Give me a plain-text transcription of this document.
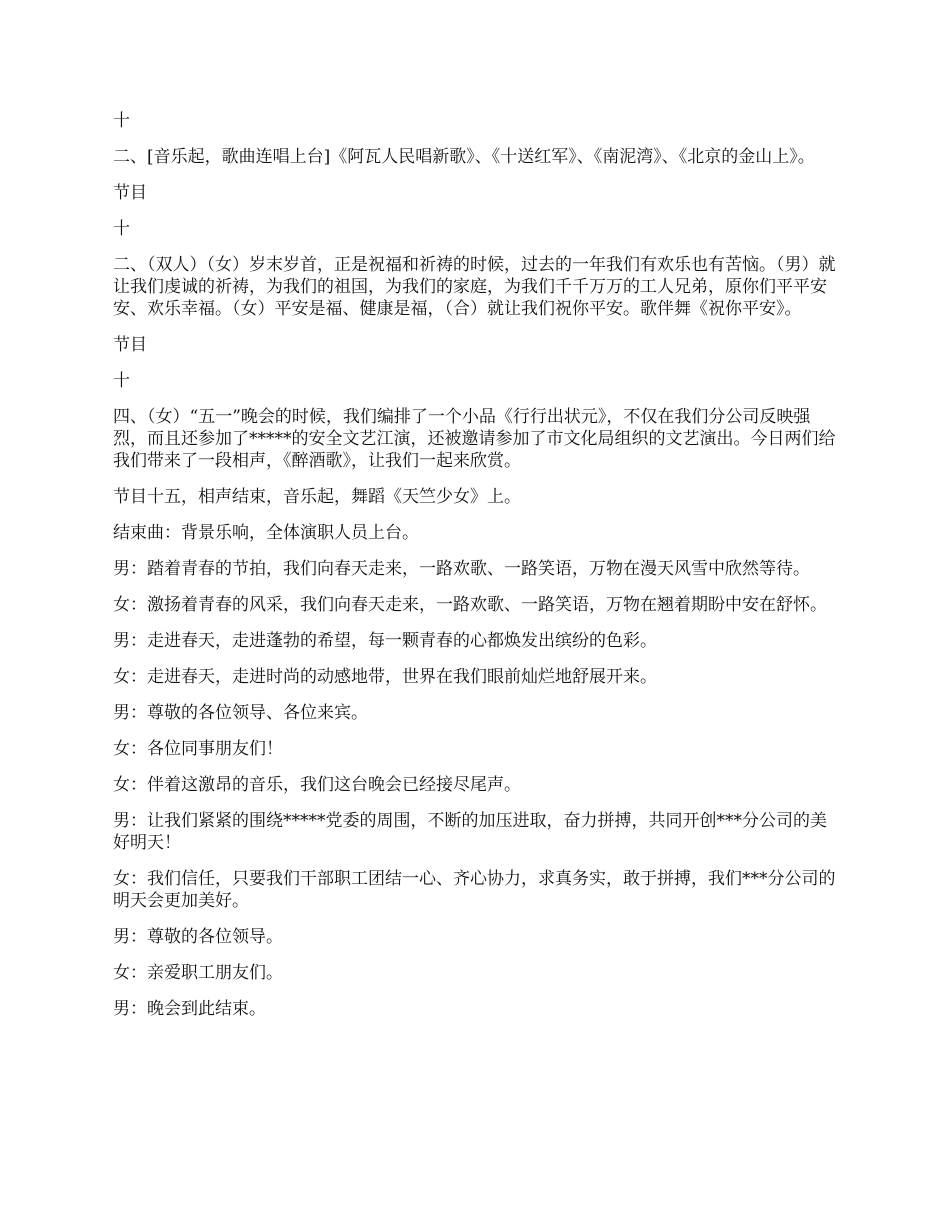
十

二、[音乐起，歌曲连唱上台]《阿瓦人民唱新歌》、《十送红军》、《南泥湾》、《北京的金山上》。

节目

十

二、（双人）（女）岁末岁首，正是祝福和祈祷的时候，过去的一年我们有欢乐也有苦恼。（男）就让我们虔诚的祈祷，为我们的祖国，为我们的家庭，为我们千千万万的工人兄弟，原你们平平安安、欢乐幸福。（女）平安是福、健康是福，（合）就让我们祝你平安。歌伴舞《祝你平安》。

节目

十

四、（女）“五一”晚会的时候，我们编排了一个小品《行行出状元》，不仅在我们分公司反映强烈，而且还参加了*****的安全文艺江演，还被邀请参加了市文化局组织的文艺演出。今日两们给我们带来了一段相声，《醉酒歌》，让我们一起来欣赏。

节目十五，相声结束，音乐起，舞蹈《天竺少女》上。

结束曲：背景乐响，全体演职人员上台。

男：踏着青春的节拍，我们向春天走来，一路欢歌、一路笑语，万物在漫天风雪中欣然等待。

女：激扬着青春的风采，我们向春天走来，一路欢歌、一路笑语，万物在翘着期盼中安在舒怀。

男：走进春天，走进蓬勃的希望，每一颗青春的心都焕发出缤纷的色彩。

女：走进春天，走进时尚的动感地带，世界在我们眼前灿烂地舒展开来。

男：尊敬的各位领导、各位来宾。

女：各位同事朋友们！

女：伴着这激昂的音乐，我们这台晚会已经接尽尾声。

男：让我们紧紧的围绕*****党委的周围，不断的加压进取，奋力拼搏，共同开创***分公司的美好明天！

女：我们信任，只要我们干部职工团结一心、齐心协力，求真务实，敢于拼搏，我们***分公司的明天会更加美好。

男：尊敬的各位领导。

女：亲爱职工朋友们。

男：晚会到此结束。
